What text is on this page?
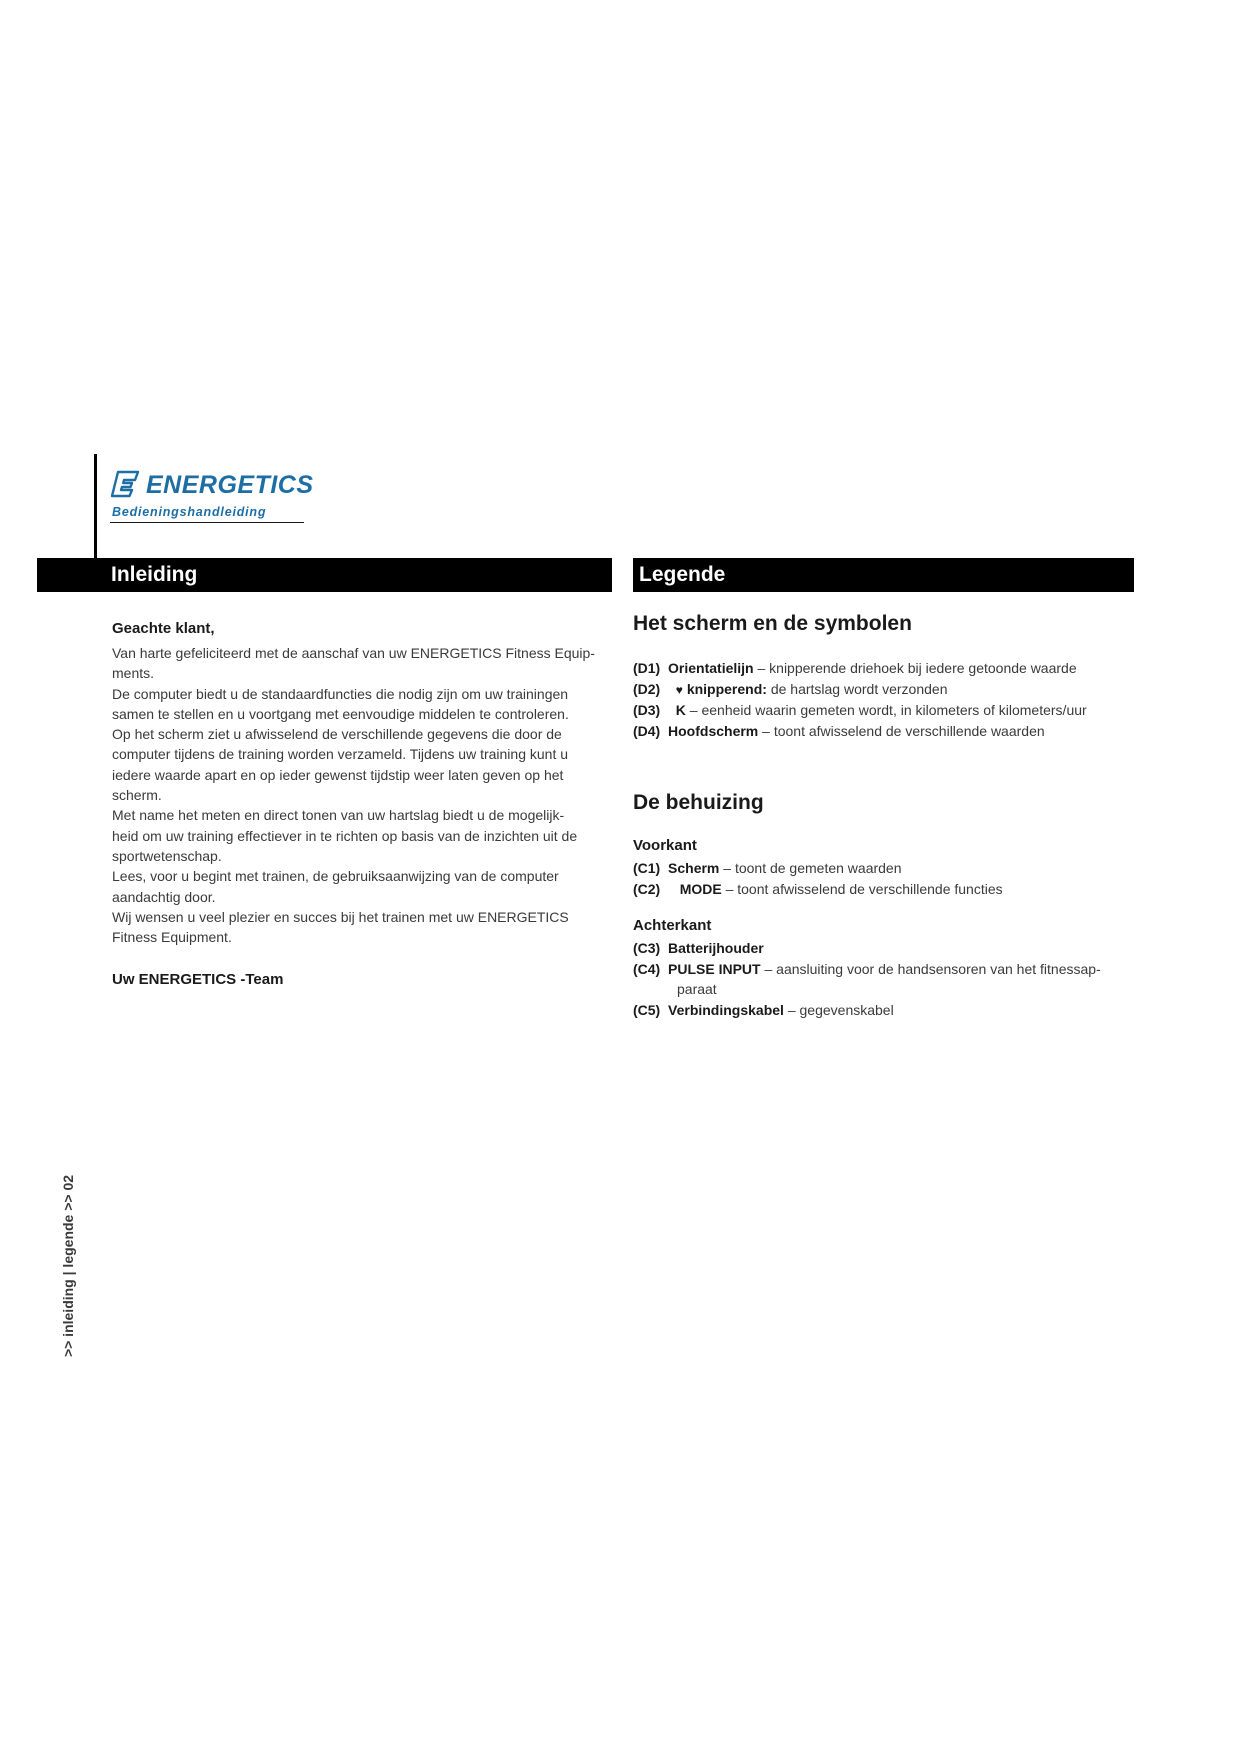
ENERGETICS
Bedieningshandleiding
Inleiding	Legende
Geachte klant,

Van harte gefeliciteerd met de aanschaf van uw ENERGETICS Fitness Equip-

ments.

De computer biedt u de standaardfuncties die nodig zijn om uw trainingen

samen te stellen en u voortgang met eenvoudige middelen te controleren.

Op het scherm ziet u afwisselend de verschillende gegevens die door de

computer tijdens de training worden verzameld. Tijdens uw training kunt u

iedere waarde apart en op ieder gewenst tijdstip weer laten geven op het

scherm.

Met name het meten en direct tonen van uw hartslag biedt u de mogelijk-

heid om uw training effectiever in te richten op basis van de inzichten uit de

sportwetenschap.

Lees, voor u begint met trainen, de gebruiksaanwijzing van de computer

aandachtig door.

Wij wensen u veel plezier en succes bij het trainen met uw ENERGETICS

Fitness Equipment.

Uw ENERGETICS -Team
Het scherm en de symbolen
(D1) Orientatielijn – knipperende driehoek bij iedere getoonde waarde
(D2) ♥ knipperend: de hartslag wordt verzonden
(D3) K – eenheid waarin gemeten wordt, in kilometers of kilometers/uur
(D4) Hoofdscherm – toont afwisselend de verschillende waarden
De behuizing
Voorkant
(C1) Scherm – toont de gemeten waarden
(C2) MODE – toont afwisselend de verschillende functies
Achterkant
(C3) Batterijhouder
(C4) PULSE INPUT – aansluiting voor de handsensoren van het fitnessap-
paraat
(C5) Verbindingskabel – gegevenskabel
>> inleiding | legende >> 02
